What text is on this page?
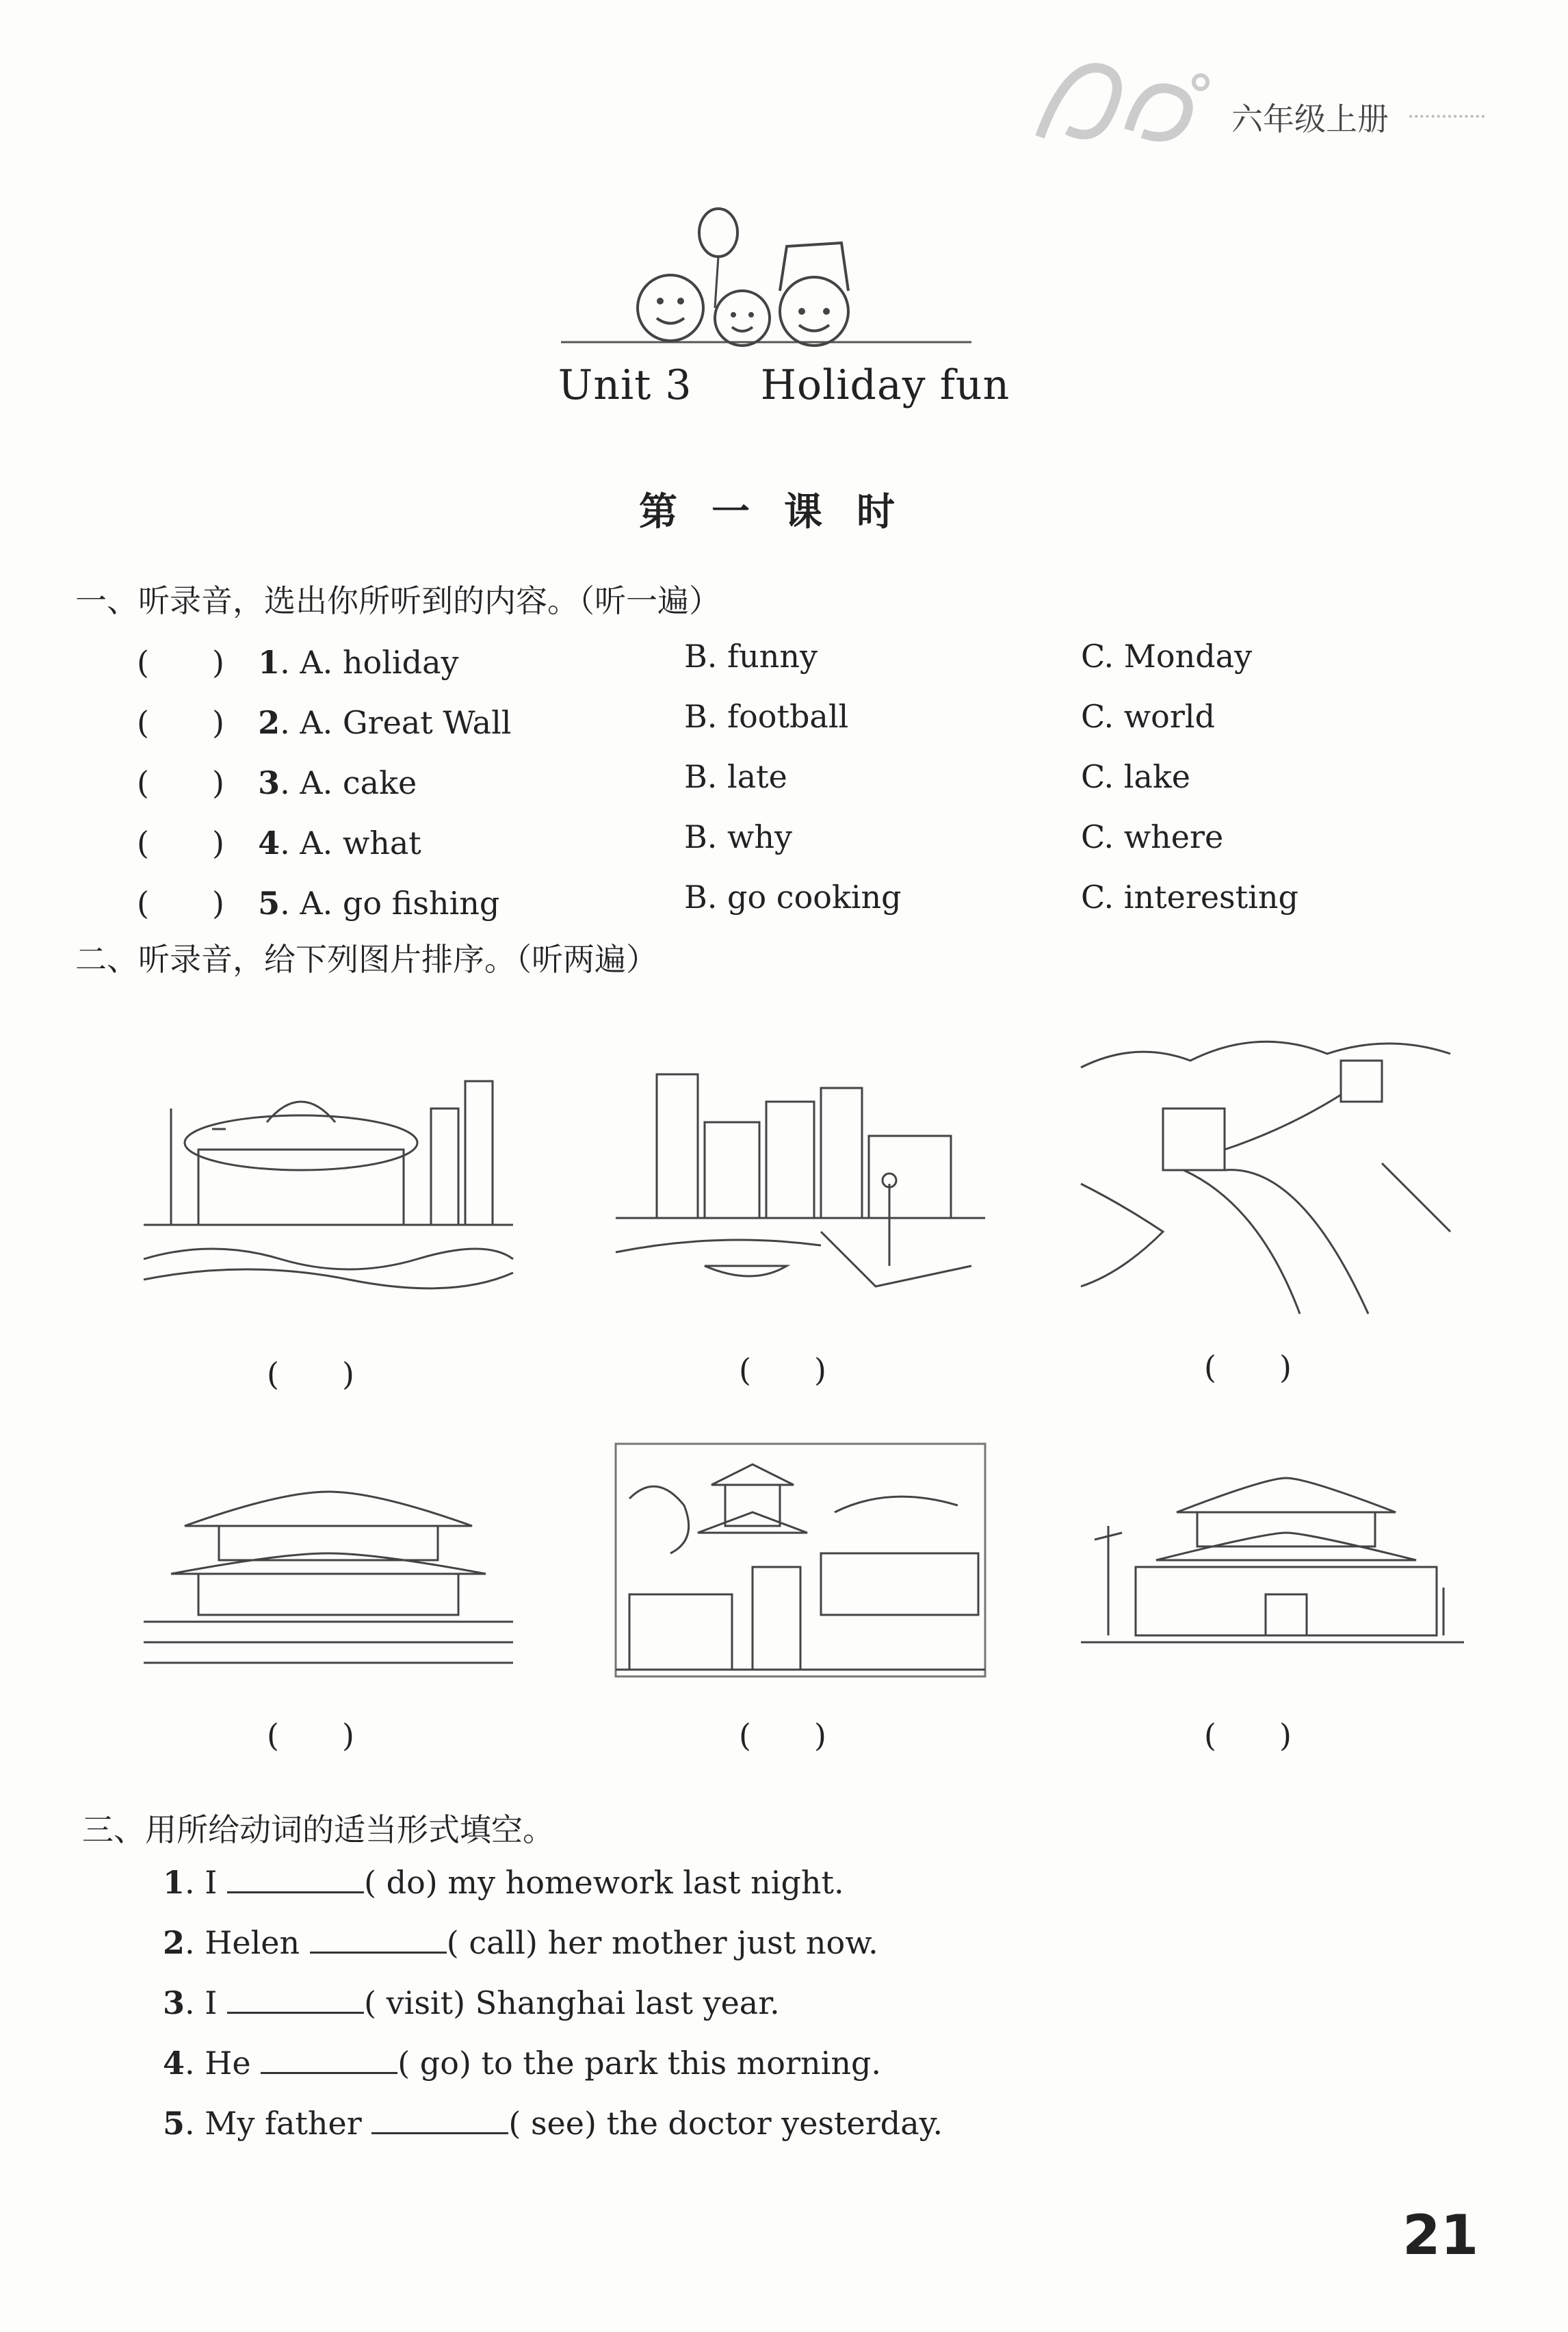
六年级上册
Unit 3 Holiday fun
第一课时
一、听录音，选出你所听到的内容。（听一遍）
(　　) 1. A. holiday	B. funny	C. Monday
(　　) 2. A. Great Wall	B. football	C. world
(　　) 3. A. cake	B. late	C. lake
(　　) 4. A. what	B. why	C. where
(　　) 5. A. go fishing	B. go cooking	C. interesting
二、听录音，给下列图片排序。（听两遍）
(　　)	(　　)	(　　)
(　　)	(　　)	(　　)
三、用所给动词的适当形式填空。
1. I	( do) my homework last night.
2. Helen	( call) her mother just now.
3. I	( visit) Shanghai last year.
4. He	( go) to the park this morning.
5. My father	( see) the doctor yesterday.
21
